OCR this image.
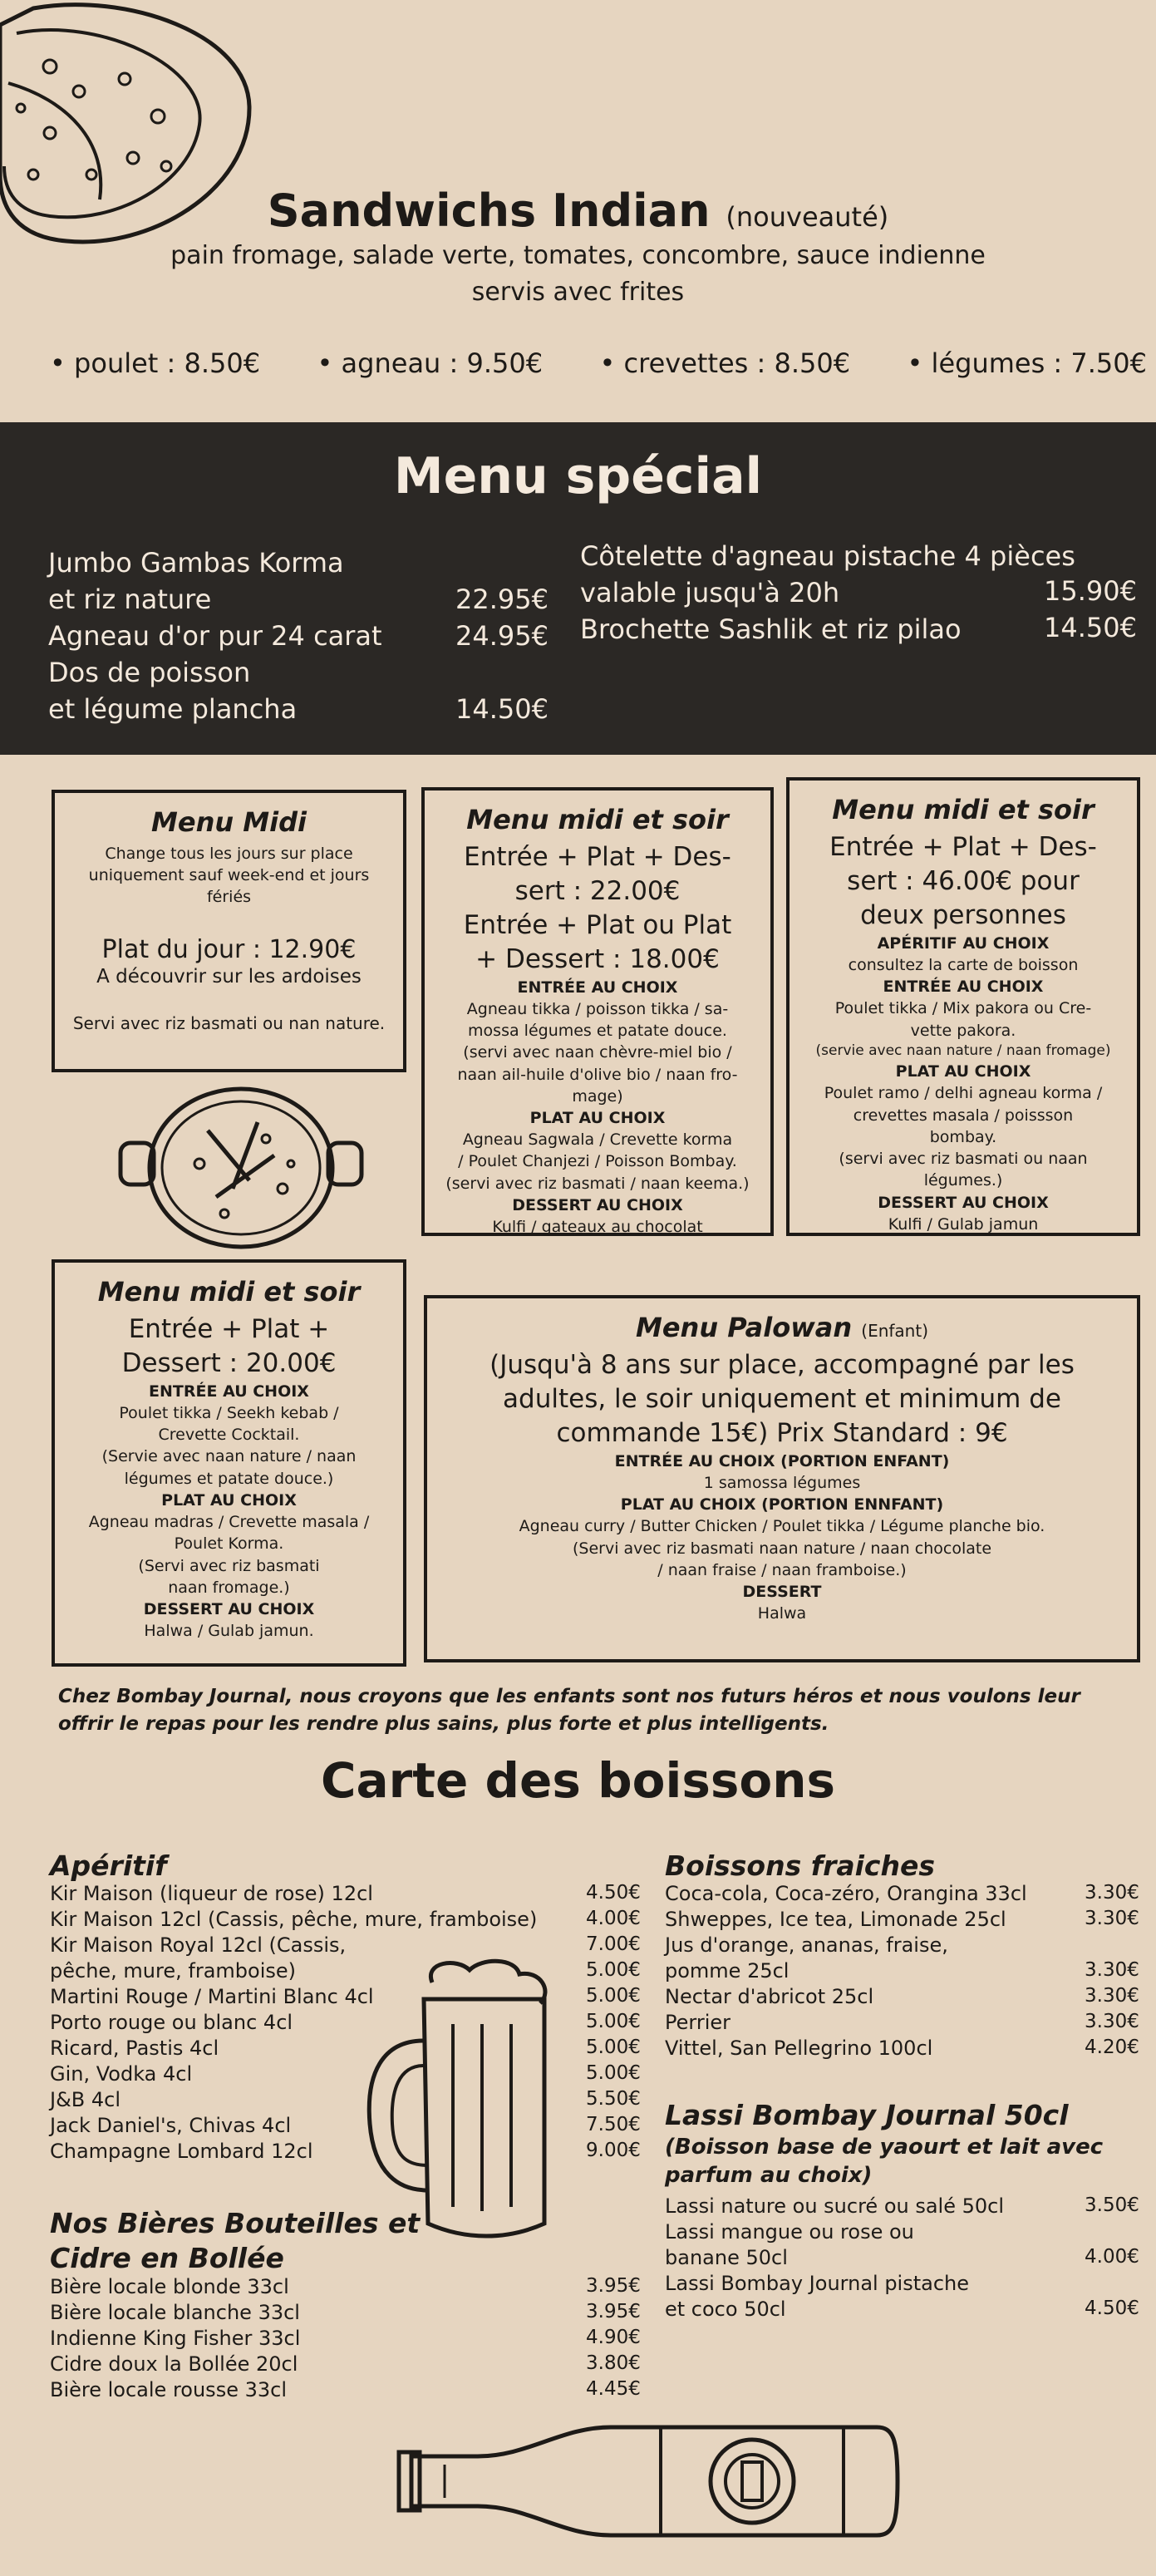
Sandwichs Indian (nouveauté)
pain fromage, salade verte, tomates, concombre, sauce indienne
servis avec frites
• poulet : 8.50€ • agneau : 9.50€ • crevettes : 8.50€ • légumes : 7.50€
Menu spécial
Jumbo Gambas Korma
et riz nature	22.95€
Agneau d'or pur 24 carat	24.95€
Dos de poisson
et légume plancha	14.50€
Côtelette d'agneau pistache 4 pièces
valable jusqu'à 20h	15.90€
Brochette Sashlik et riz pilao	14.50€
Menu Midi
Change tous les jours sur place
uniquement sauf week-end et jours
fériés
Plat du jour : 12.90€
A découvrir sur les ardoises
Servi avec riz basmati ou nan nature.
Menu midi et soir
Entrée + Plat + Des-
sert : 22.00€
Entrée + Plat ou Plat
+ Dessert : 18.00€
ENTRÉE AU CHOIX
Agneau tikka / poisson tikka / sa-
mossa légumes et patate douce.
(servi avec naan chèvre-miel bio /
naan ail-huile d'olive bio / naan fro-
mage)
PLAT AU CHOIX
Agneau Sagwala / Crevette korma
/ Poulet Chanjezi / Poisson Bombay.
(servi avec riz basmati / naan keema.)
DESSERT AU CHOIX
Kulfi / gateaux au chocolat
Menu midi et soir
Entrée + Plat + Des-
sert : 46.00€ pour
deux personnes
APÉRITIF AU CHOIX
consultez la carte de boisson
ENTRÉE AU CHOIX
Poulet tikka / Mix pakora ou Cre-
vette pakora.
(servie avec naan nature / naan fromage)
PLAT AU CHOIX
Poulet ramo / delhi agneau korma /
crevettes masala / poissson
bombay.
(servi avec riz basmati ou naan
légumes.)
DESSERT AU CHOIX
Kulfi / Gulab jamun
Menu midi et soir
Entrée + Plat +
Dessert : 20.00€
ENTRÉE AU CHOIX
Poulet tikka / Seekh kebab /
Crevette Cocktail.
(Servie avec naan nature / naan
légumes et patate douce.)
PLAT AU CHOIX
Agneau madras / Crevette masala /
Poulet Korma.
(Servi avec riz basmati
naan fromage.)
DESSERT AU CHOIX
Halwa / Gulab jamun.
Menu Palowan (Enfant)
(Jusqu'à 8 ans sur place, accompagné par les
adultes, le soir uniquement et minimum de
commande 15€) Prix Standard : 9€
ENTRÉE AU CHOIX (PORTION ENFANT)
1 samossa légumes
PLAT AU CHOIX (PORTION ENNFANT)
Agneau curry / Butter Chicken / Poulet tikka / Légume planche bio.
(Servi avec riz basmati naan nature / naan chocolate
/ naan fraise / naan framboise.)
DESSERT
Halwa
Chez Bombay Journal, nous croyons que les enfants sont nos futurs héros et nous voulons leur
offrir le repas pour les rendre plus sains, plus forte et plus intelligents.
Carte des boissons
Apéritif
Kir Maison (liqueur de rose) 12cl	4.50€
Kir Maison 12cl (Cassis, pêche, mure, framboise)	4.00€
Kir Maison Royal 12cl (Cassis,	7.00€
pêche, mure, framboise)	5.00€
Martini Rouge / Martini Blanc 4cl	5.00€
Porto rouge ou blanc 4cl	5.00€
Ricard, Pastis 4cl	5.00€
Gin, Vodka 4cl	5.00€
J&B 4cl	5.50€
Jack Daniel's, Chivas 4cl	7.50€
Champagne Lombard 12cl	9.00€
Nos Bières Bouteilles et
Cidre en Bollée
Bière locale blonde 33cl	3.95€
Bière locale blanche 33cl	3.95€
Indienne King Fisher 33cl	4.90€
Cidre doux la Bollée 20cl	3.80€
Bière locale rousse 33cl	4.45€
Boissons fraiches
Coca-cola, Coca-zéro, Orangina 33cl	3.30€
Shweppes, Ice tea, Limonade 25cl	3.30€
Jus d'orange, ananas, fraise,
pomme 25cl	3.30€
Nectar d'abricot 25cl	3.30€
Perrier	3.30€
Vittel, San Pellegrino 100cl	4.20€
Lassi Bombay Journal 50cl
(Boisson base de yaourt et lait avec
parfum au choix)
Lassi nature ou sucré ou salé 50cl	3.50€
Lassi mangue ou rose ou
banane 50cl	4.00€
Lassi Bombay Journal pistache
et coco 50cl	4.50€
